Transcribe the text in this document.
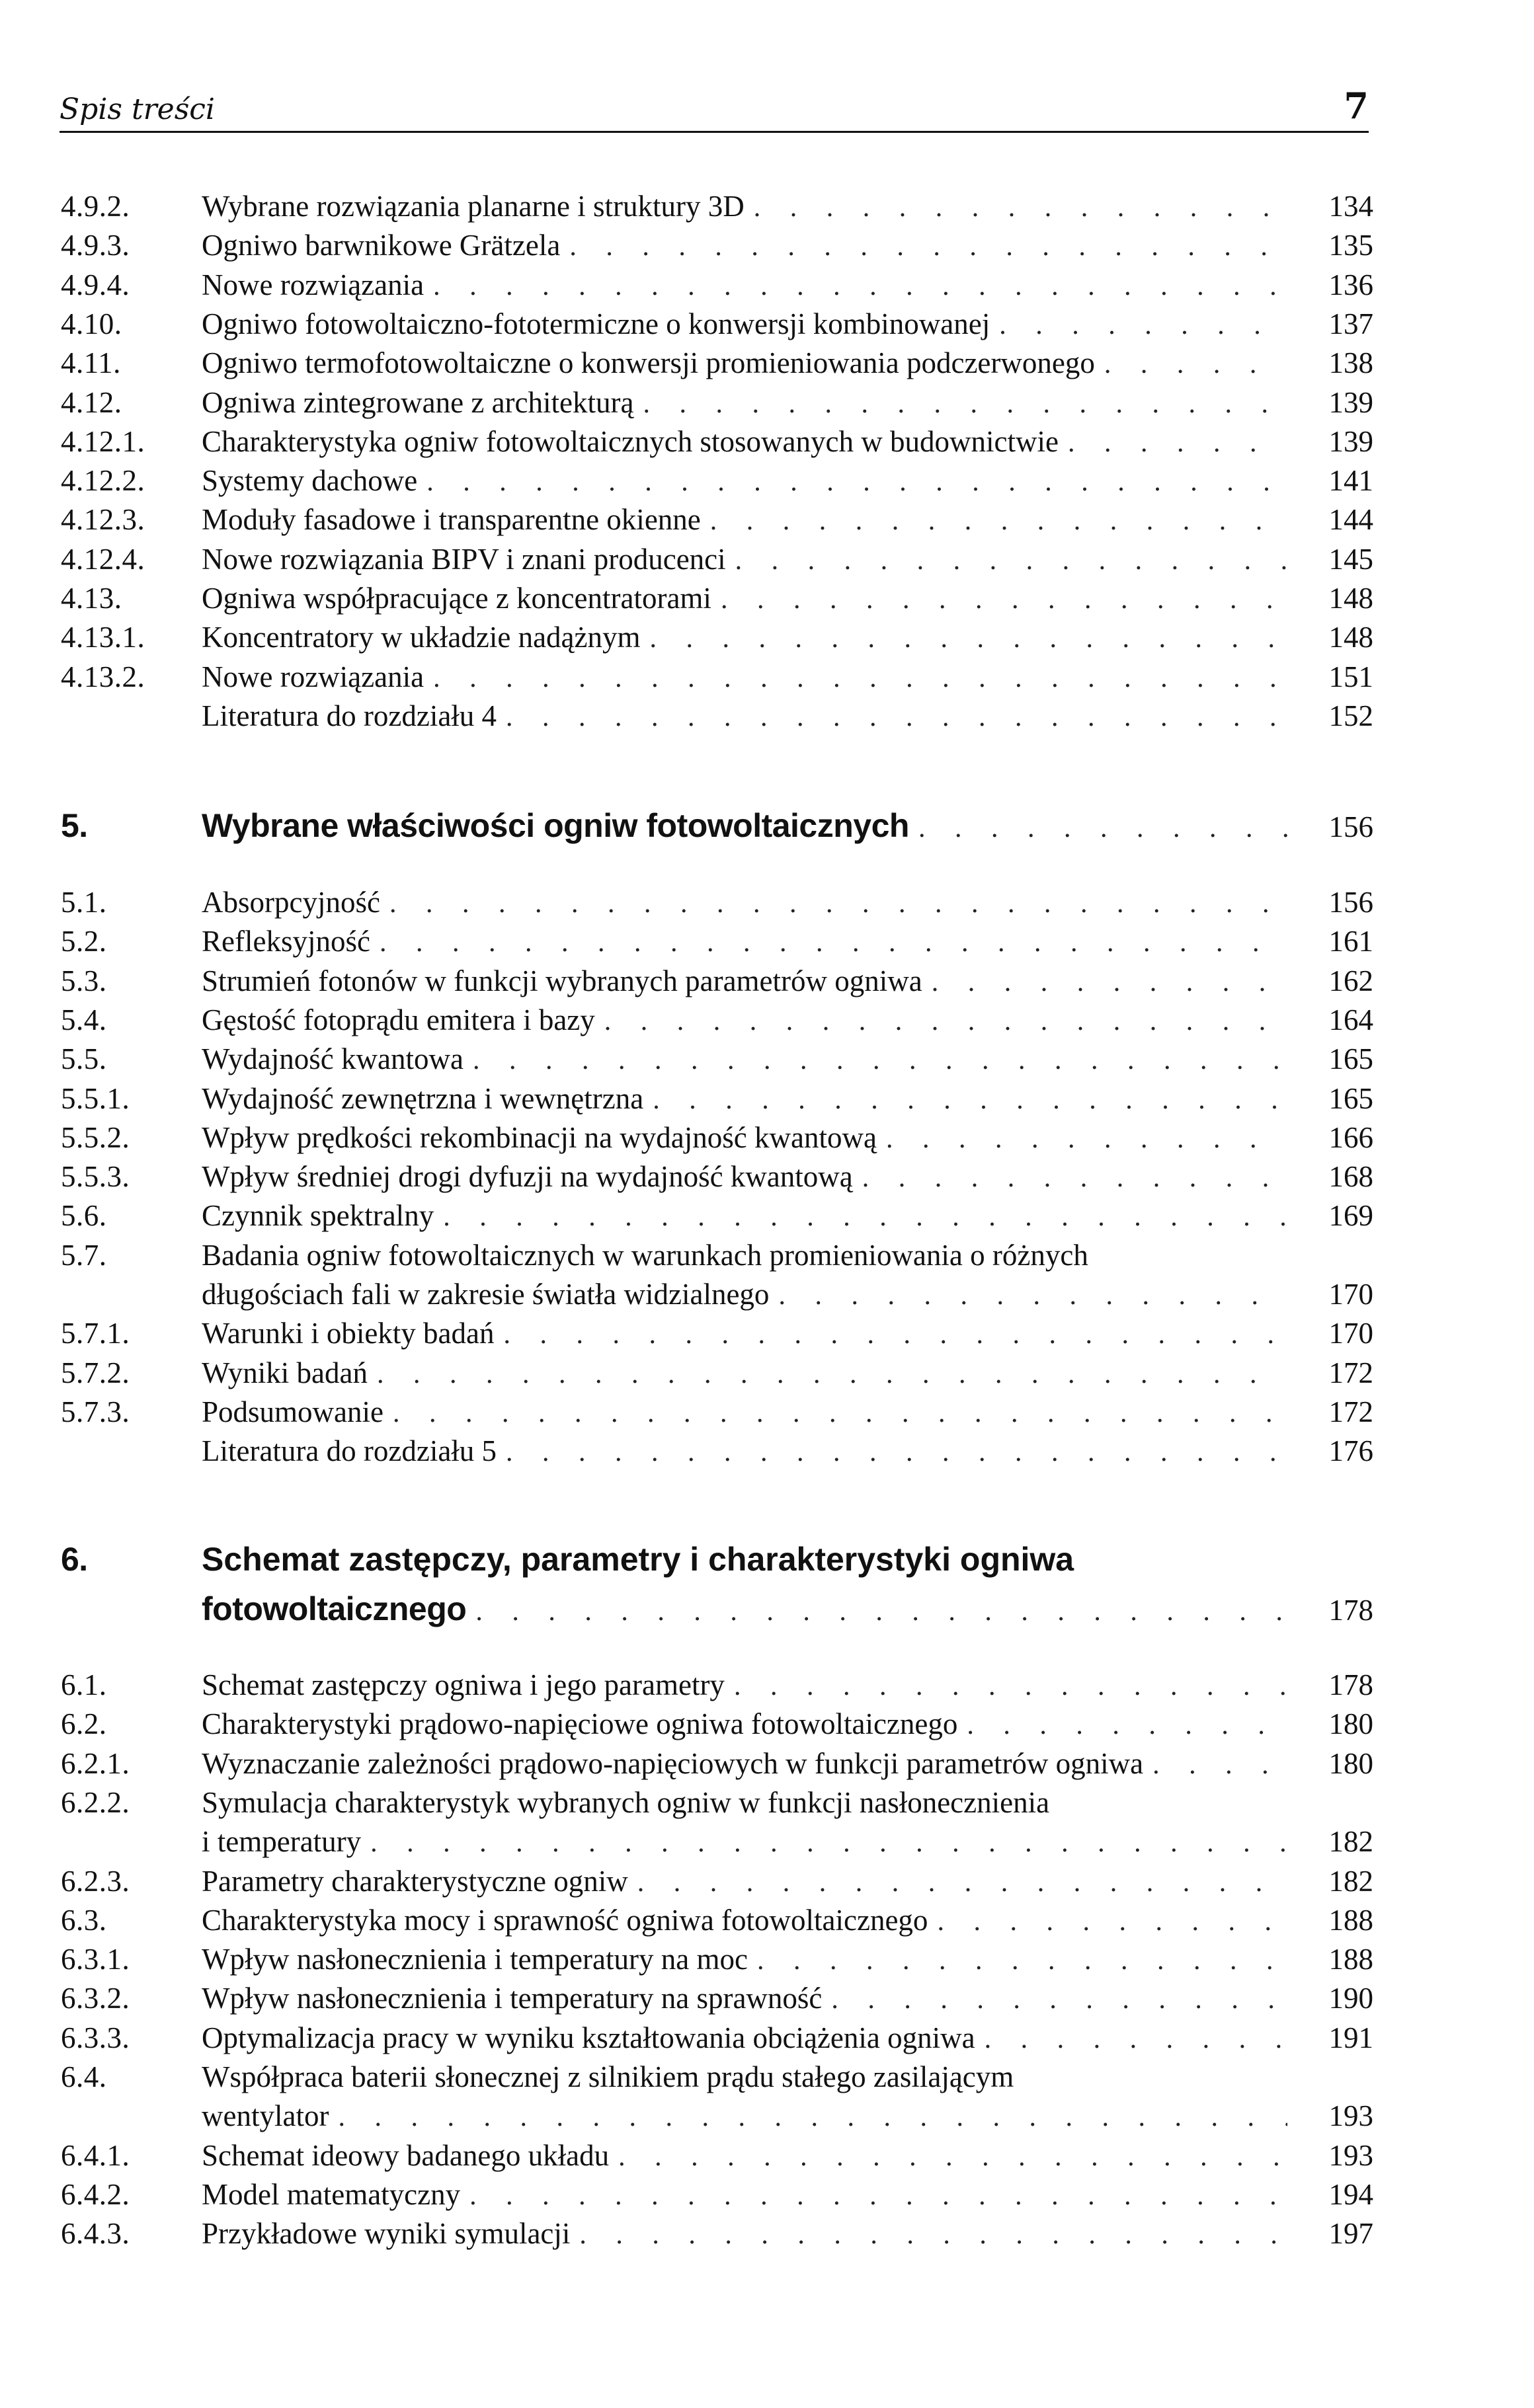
Spis treści	7
4.9.2. Wybrane rozwiązania planarne i struktury 3D . . .	134
4.9.3. Ogniwo barwnikowe Grätzela . . .	135
4.9.4. Nowe rozwiązania . . .	136
4.10.	Ogniwo fotowoltaiczno-fototermiczne o konwersji kombinowanej . . .	137
4.11.	Ogniwo termofotowoltaiczne o konwersji promieniowania podczerwonego . . .	138
4.12.	Ogniwa zintegrowane z architekturą . . .	139
4.12.1. Charakterystyka ogniw fotowoltaicznych stosowanych w budownictwie . . .	139
4.12.2. Systemy dachowe . . .	141
4.12.3. Moduły fasadowe i transparentne okienne . . .	144
4.12.4. Nowe rozwiązania BIPV i znani producenci . . .	145
4.13.	Ogniwa współpracujące z koncentratorami . . .	148
4.13.1. Koncentratory w układzie nadążnym . . .	148
4.13.2. Nowe rozwiązania . . .	151
Literatura do rozdziału 4 . . .	152
5.	Wybrane właściwości ogniw fotowoltaicznych . . .	156
5.1.	Absorpcyjność . . .	156
5.2.	Refleksyjność . . .	161
5.3.	Strumień fotonów w funkcji wybranych parametrów ogniwa . . .	162
5.4.	Gęstość fotoprądu emitera i bazy . . .	164
5.5.	Wydajność kwantowa . . .	165
5.5.1. Wydajność zewnętrzna i wewnętrzna . . .	165
5.5.2. Wpływ prędkości rekombinacji na wydajność kwantową . . .	166
5.5.3. Wpływ średniej drogi dyfuzji na wydajność kwantową . . .	168
5.6.	Czynnik spektralny . . .	169
5.7.	Badania ogniw fotowoltaicznych w warunkach promieniowania o różnych
długościach fali w zakresie światła widzialnego . . .	170
5.7.1. Warunki i obiekty badań . . .	170
5.7.2. Wyniki badań . . .	172
5.7.3. Podsumowanie . . .	172
Literatura do rozdziału 5 . . .	176
6.	Schemat zastępczy, parametry i charakterystyki ogniwa
fotowoltaicznego . . .	178
6.1.	Schemat zastępczy ogniwa i jego parametry . . .	178
6.2.	Charakterystyki prądowo-napięciowe ogniwa fotowoltaicznego . . .	180
6.2.1. Wyznaczanie zależności prądowo-napięciowych w funkcji parametrów ogniwa . . .	180
6.2.2. Symulacja charakterystyk wybranych ogniw w funkcji nasłonecznienia
i temperatury . . .	182
6.2.3. Parametry charakterystyczne ogniw . . .	182
6.3.	Charakterystyka mocy i sprawność ogniwa fotowoltaicznego . . .	188
6.3.1. Wpływ nasłonecznienia i temperatury na moc . . .	188
6.3.2. Wpływ nasłonecznienia i temperatury na sprawność . . .	190
6.3.3. Optymalizacja pracy w wyniku kształtowania obciążenia ogniwa . . .	191
6.4.	Współpraca baterii słonecznej z silnikiem prądu stałego zasilającym
wentylator . . .	193
6.4.1. Schemat ideowy badanego układu . . .	193
6.4.2. Model matematyczny . . .	194
6.4.3. Przykładowe wyniki symulacji . . .	197
